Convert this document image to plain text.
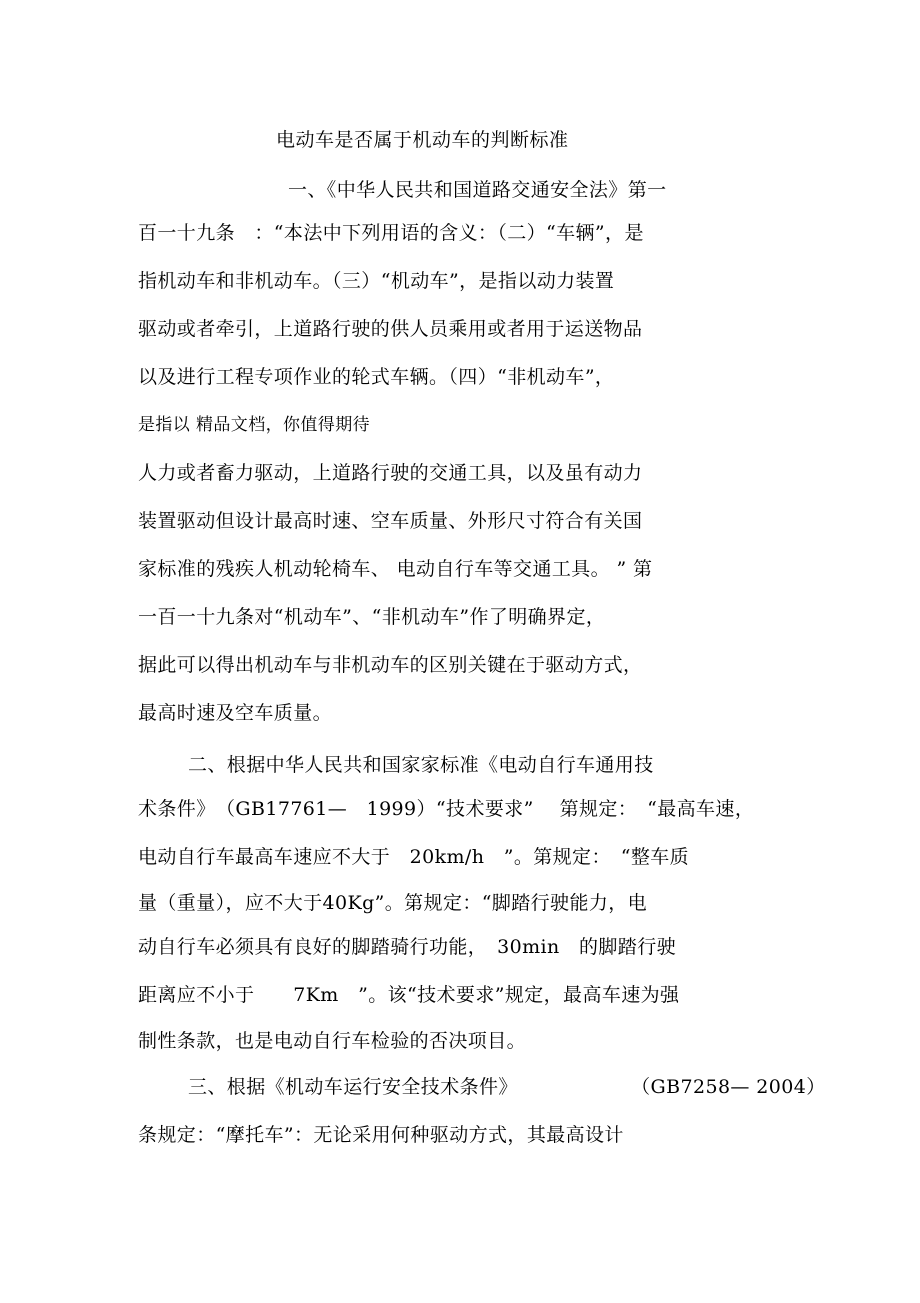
电动车是否属于机动车的判断标准
一、《中华人民共和国道路交通安全法》第一
百一十九条　：“本法中下列用语的含义：（二）“车辆”，是
指机动车和非机动车。（三）“机动车”，是指以动力装置
驱动或者牵引，上道路行驶的供人员乘用或者用于运送物品
以及进行工程专项作业的轮式车辆。（四）“非机动车”，
是指以 精品文档，你值得期待
人力或者畜力驱动，上道路行驶的交通工具，以及虽有动力
装置驱动但设计最高时速、空车质量、外形尺寸符合有关国
家标准的残疾人机动轮椅车、 电动自行车等交通工具。 ” 第
一百一十九条对“机动车”、“非机动车”作了明确界定，
据此可以得出机动车与非机动车的区别关键在于驱动方式，
最高时速及空车质量。
二、根据中华人民共和国家家标准《电动自行车通用技
术条件》　（GB17761—　1999）“技术要求”　 第规定：　“最高车速，
电动自行车最高车速应不大于　20km/h　”。第规定：　“整车质
量（重量），应不大于40Kg”。第规定：“脚踏行驶能力，电
动自行车必须具有良好的脚踏骑行功能，　30min　的脚踏行驶
距离应不小于　　7Km　”。该“技术要求”规定，最高车速为强
制性条款，也是电动自行车检验的否决项目。
三、根据《机动车运行安全技术条件》　　　　　　 （GB7258— 2004）
条规定：“摩托车”：无论采用何种驱动方式，其最高设计
